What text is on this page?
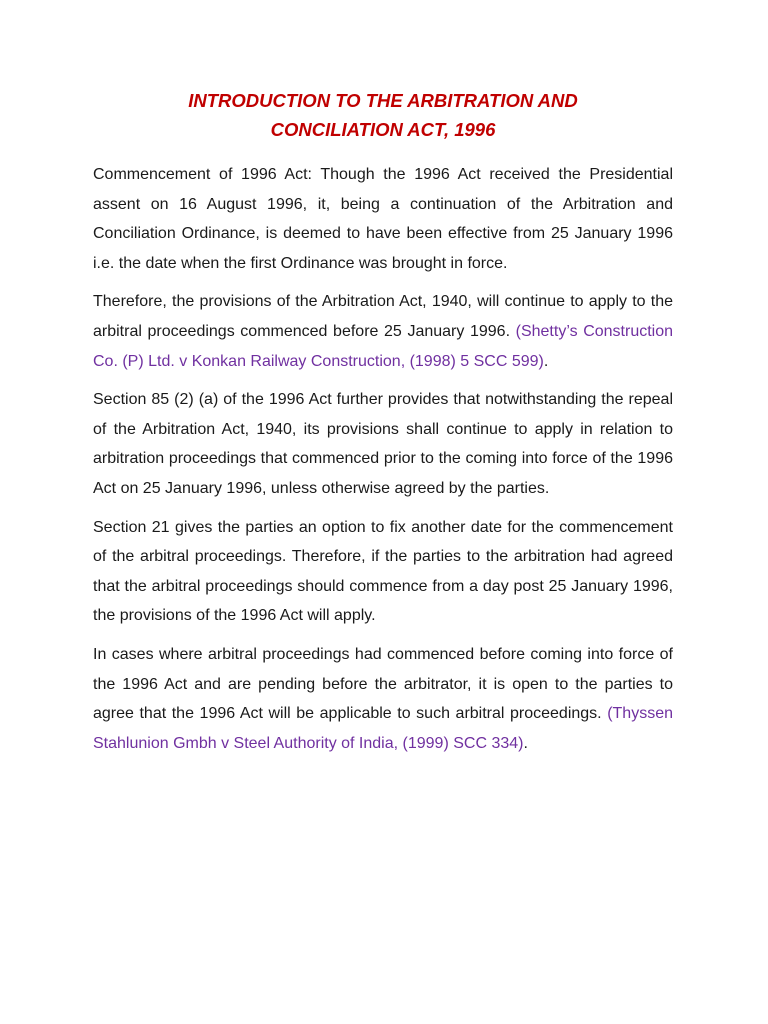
INTRODUCTION TO THE ARBITRATION AND
CONCILIATION ACT, 1996

Commencement of 1996 Act: Though the 1996 Act received the Presidential assent on 16 August 1996, it, being a continuation of the Arbitration and Conciliation Ordinance, is deemed to have been effective from 25 January 1996 i.e. the date when the first Ordinance was brought in force.

Therefore, the provisions of the Arbitration Act, 1940, will continue to apply to the arbitral proceedings commenced before 25 January 1996. (Shetty’s Construction Co. (P) Ltd. v Konkan Railway Construction, (1998) 5 SCC 599).

Section 85 (2) (a) of the 1996 Act further provides that notwithstanding the repeal of the Arbitration Act, 1940, its provisions shall continue to apply in relation to arbitration proceedings that commenced prior to the coming into force of the 1996 Act on 25 January 1996, unless otherwise agreed by the parties.

Section 21 gives the parties an option to fix another date for the commencement of the arbitral proceedings. Therefore, if the parties to the arbitration had agreed that the arbitral proceedings should commence from a day post 25 January 1996, the provisions of the 1996 Act will apply.

In cases where arbitral proceedings had commenced before coming into force of the 1996 Act and are pending before the arbitrator, it is open to the parties to agree that the 1996 Act will be applicable to such arbitral proceedings. (Thyssen Stahlunion Gmbh v Steel Authority of India, (1999) SCC 334).
